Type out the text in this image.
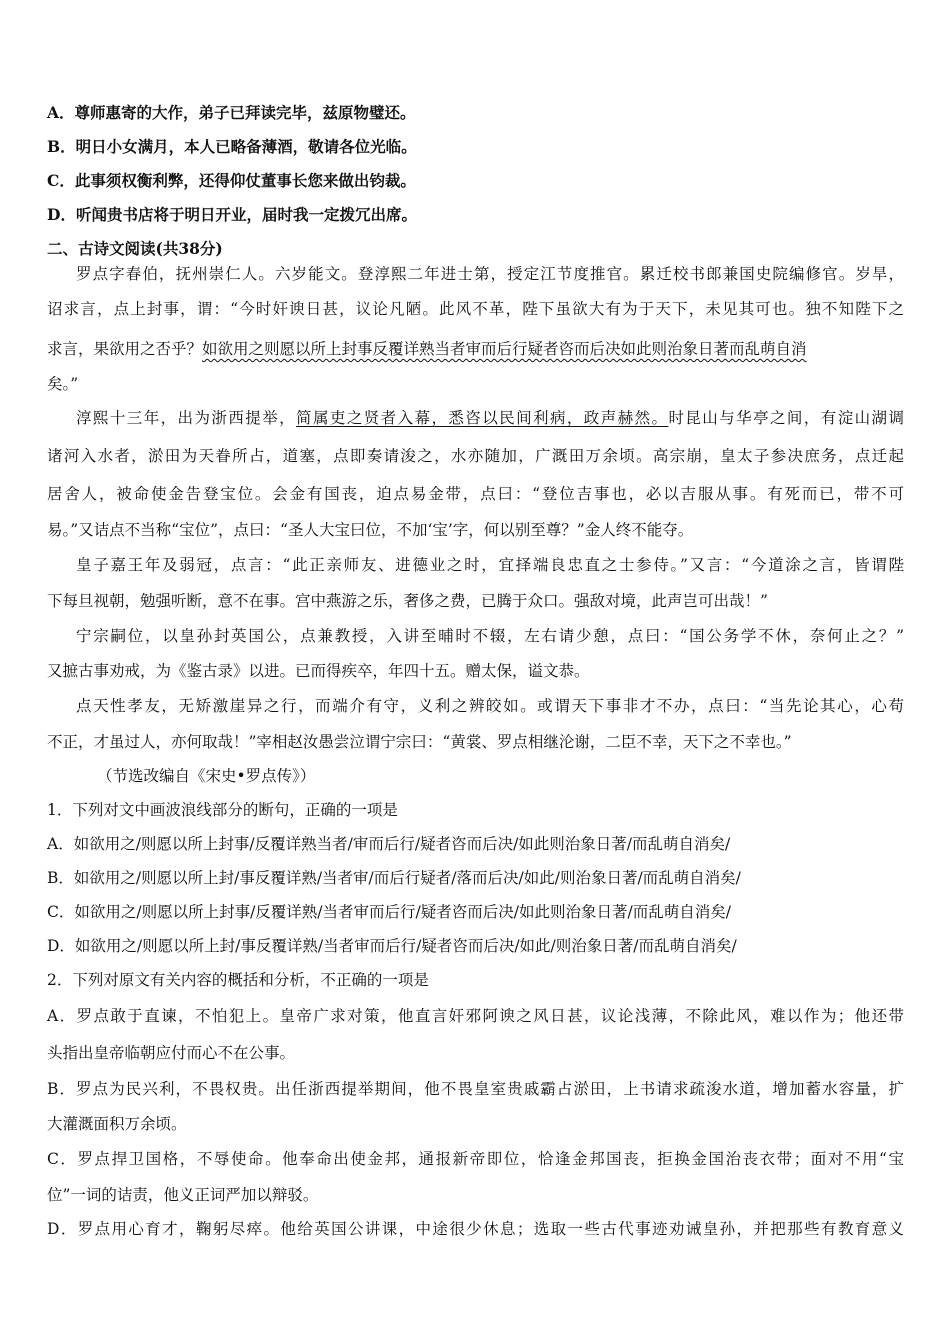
A．尊师惠寄的大作，弟子已拜读完毕，兹原物璧还。
B．明日小女满月，本人已略备薄酒，敬请各位光临。
C．此事须权衡利弊，还得仰仗董事长您来做出钧裁。
D．听闻贵书店将于明日开业，届时我一定拨冗出席。
二、古诗文阅读(共38分)
罗点字春伯，抚州崇仁人。六岁能文。登淳熙二年进士第，授定江节度推官。累迁校书郎兼国史院编修官。岁旱，
诏求言，点上封事，谓：“今时奸谀日甚，议论凡陋。此风不革，陛下虽欲大有为于天下，未见其可也。独不知陛下之
求言，果欲用之否乎？如欲用之则愿以所上封事反覆详熟当者审而后行疑者咨而后决如此则治象日著而乱萌自消
矣。”
淳熙十三年，出为浙西提举，简属吏之贤者入幕，悉咨以民间利病，政声赫然。时昆山与华亭之间，有淀山湖调
诸河入水者，淤田为天眷所占，道塞，点即奏请浚之，水亦随加，广溉田万余顷。高宗崩，皇太子参决庶务，点迁起
居舍人，被命使金告登宝位。会金有国丧，迫点易金带，点曰：“登位吉事也，必以吉服从事。有死而已，带不可
易。”又诘点不当称“宝位”，点曰：“圣人大宝曰位，不加‘宝’字，何以别至尊？”金人终不能夺。
皇子嘉王年及弱冠，点言：“此正亲师友、进德业之时，宜择端良忠直之士参侍。”又言：“今道涂之言，皆谓陛
下每旦视朝，勉强听断，意不在事。宫中燕游之乐，奢侈之费，已腾于众口。强敌对境，此声岂可出哉！”
宁宗嗣位，以皇孙封英国公，点兼教授，入讲至晡时不辍，左右请少憩，点曰：“国公务学不休，奈何止之？”
又摭古事劝戒，为《鉴古录》以进。已而得疾卒，年四十五。赠太保，谥文恭。
点天性孝友，无矫激崖异之行，而端介有守，义利之辨皎如。或谓天下事非才不办，点曰：“当先论其心，心苟
不正，才虽过人，亦何取哉！”宰相赵汝愚尝泣谓宁宗曰：“黄裳、罗点相继沦谢，二臣不幸，天下之不幸也。”
（节选改编自《宋史•罗点传》）
1．下列对文中画波浪线部分的断句，正确的一项是
A．如欲用之/则愿以所上封事/反覆详熟当者/审而后行/疑者咨而后决/如此则治象日著/而乱萌自消矣/
B．如欲用之/则愿以所上封/事反覆详熟/当者审/而后行疑者/落而后决/如此/则治象日著/而乱萌自消矣/
C．如欲用之/则愿以所上封事/反覆详熟/当者审而后行/疑者咨而后决/如此则治象日著/而乱萌自消矣/
D．如欲用之/则愿以所上封/事反覆详熟/当者审而后行/疑者咨而后决/如此/则治象日著/而乱萌自消矣/
2．下列对原文有关内容的概括和分析，不正确的一项是
A．罗点敢于直谏，不怕犯上。皇帝广求对策，他直言奸邪阿谀之风日甚，议论浅薄，不除此风，难以作为；他还带
头指出皇帝临朝应付而心不在公事。
B．罗点为民兴利，不畏权贵。出任浙西提举期间，他不畏皇室贵戚霸占淤田，上书请求疏浚水道，增加蓄水容量，扩
大灌溉面积万余顷。
C．罗点捍卫国格，不辱使命。他奉命出使金邦，通报新帝即位，恰逢金邦国丧，拒换金国治丧衣带；面对不用“宝
位”一词的诘责，他义正词严加以辩驳。
D．罗点用心育才，鞠躬尽瘁。他给英国公讲课，中途很少休息；选取一些古代事迹劝诫皇孙，并把那些有教育意义
